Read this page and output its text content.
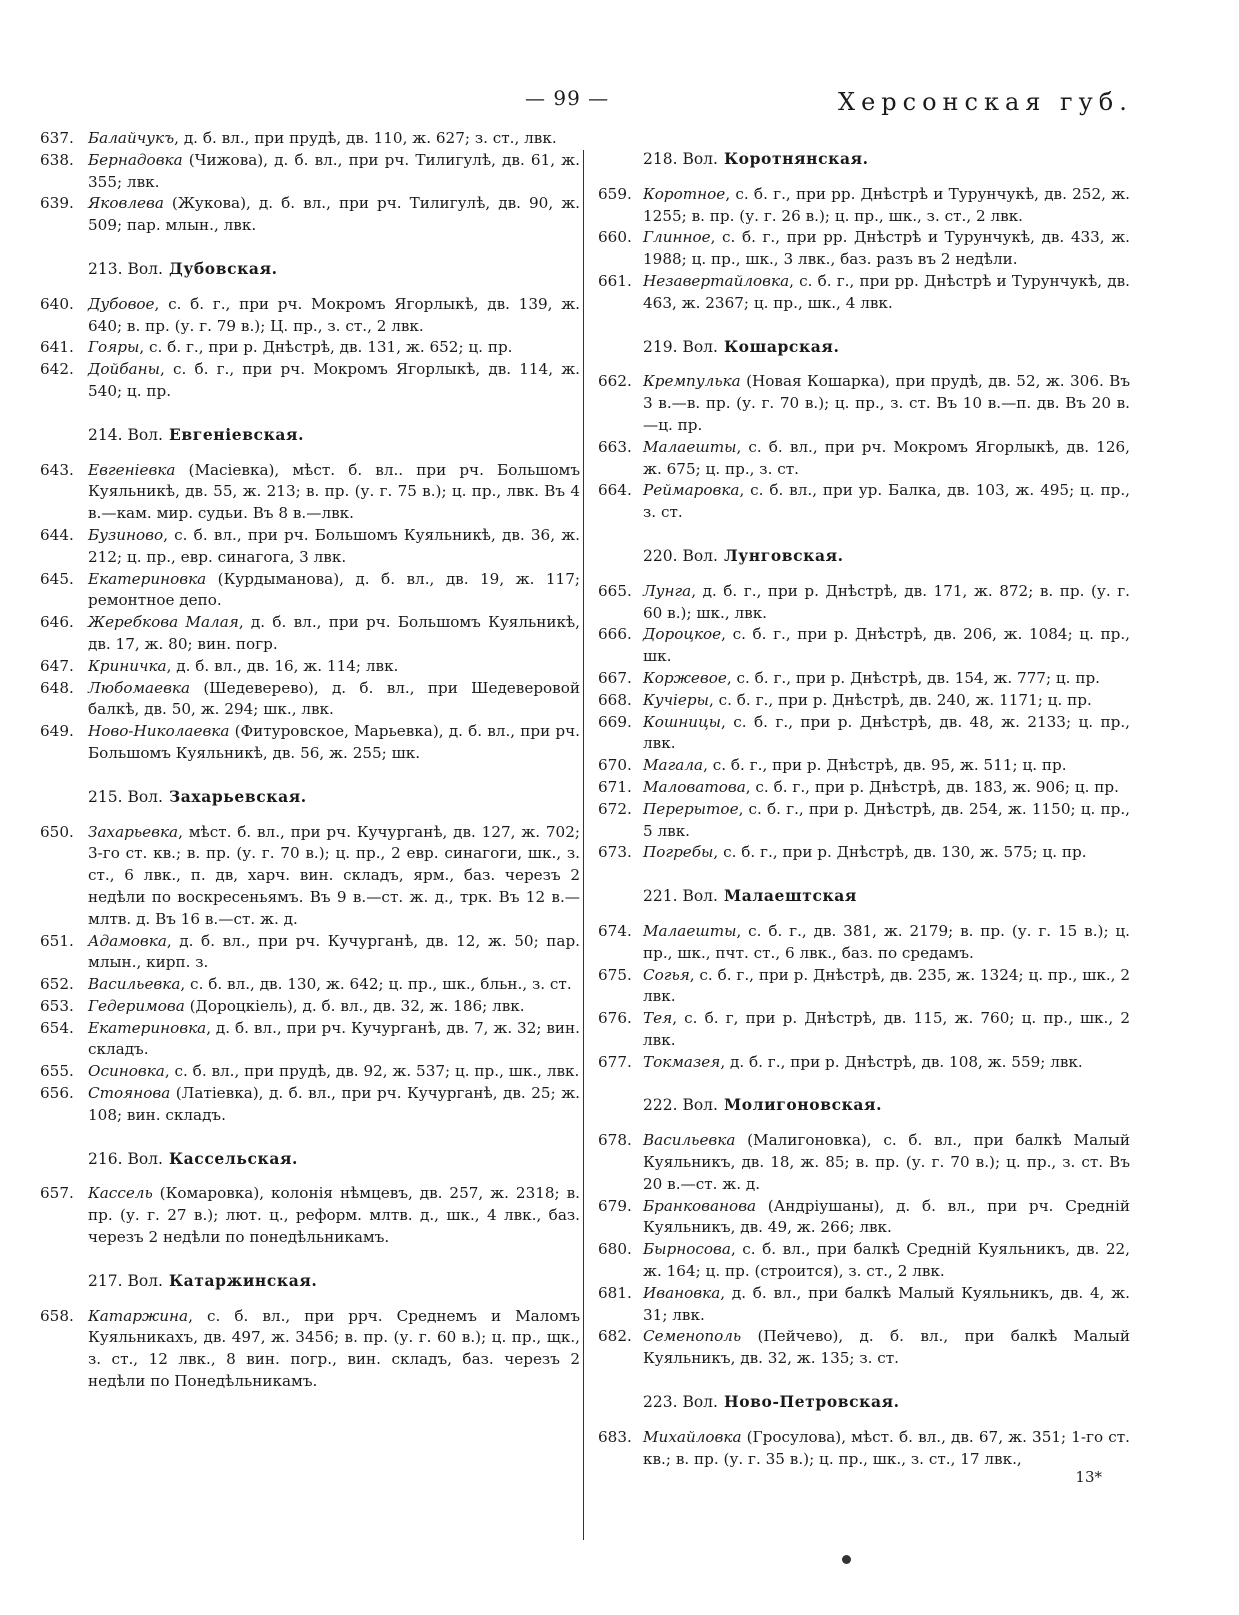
— 99 —	Херсонская губ.
637. Балайчукъ, д. б. вл., при прудѣ, дв. 110, ж. 627; з. ст., лвк.
638. Бернадовка (Чижова), д. б. вл., при рч. Тилигулѣ, дв. 61, ж. 355; лвк.
639. Яковлева (Жукова), д. б. вл., при рч. Тилигулѣ, дв. 90, ж. 509; пар. млын., лвк.
213. Вол. Дубовская.
640. Дубовое, с. б. г., при рч. Мокромъ Ягорлыкѣ, дв. 139, ж. 640; в. пр. (у. г. 79 в.); Ц. пр., з. ст., 2 лвк.
641. Гояры, с. б. г., при р. Днѣстрѣ, дв. 131, ж. 652; ц. пр.
642. Дойбаны, с. б. г., при рч. Мокромъ Ягорлыкѣ, дв. 114, ж. 540; ц. пр.
214. Вол. Евгеніевская.
643. Евгеніевка (Масіевка), мѣст. б. вл.. при рч. Большомъ Куяльникѣ, дв. 55, ж. 213; в. пр. (у. г. 75 в.); ц. пр., лвк. Въ 4 в.—кам. мир. судьи. Въ 8 в.—лвк.
644. Бузиново, с. б. вл., при рч. Большомъ Куяльникѣ, дв. 36, ж. 212; ц. пр., евр. синагога, 3 лвк.
645. Екатериновка (Курдыманова), д. б. вл., дв. 19, ж. 117; ремонтное депо.
646. Жеребкова Малая, д. б. вл., при рч. Большомъ Куяльникѣ, дв. 17, ж. 80; вин. погр.
647. Криничка, д. б. вл., дв. 16, ж. 114; лвк.
648. Любомаевка (Шедеверево), д. б. вл., при Шедеверовой балкѣ, дв. 50, ж. 294; шк., лвк.
649. Ново-Николаевка (Фитуровское, Марьевка), д. б. вл., при рч. Большомъ Куяльникѣ, дв. 56, ж. 255; шк.
215. Вол. Захарьевская.
650. Захарьевка, мѣст. б. вл., при рч. Кучурганѣ, дв. 127, ж. 702; 3-го ст. кв.; в. пр. (у. г. 70 в.); ц. пр., 2 евр. синагоги, шк., з. ст., 6 лвк., п. дв, харч. вин. складъ, ярм., баз. черезъ 2 недѣли по воскресеньямъ. Въ 9 в.—ст. ж. д., трк. Въ 12 в.—млтв. д. Въ 16 в.—ст. ж. д.
651. Адамовка, д. б. вл., при рч. Кучурганѣ, дв. 12, ж. 50; пар. млын., кирп. з.
652. Васильевка, с. б. вл., дв. 130, ж. 642; ц. пр., шк., бльн., з. ст.
653. Гедеримова (Дороцкіель), д. б. вл., дв. 32, ж. 186; лвк.
654. Екатериновка, д. б. вл., при рч. Кучурганѣ, дв. 7, ж. 32; вин. складъ.
655. Осиновка, с. б. вл., при прудѣ, дв. 92, ж. 537; ц. пр., шк., лвк.
656. Стоянова (Латіевка), д. б. вл., при рч. Кучурганѣ, дв. 25; ж. 108; вин. складъ.
216. Вол. Кассельская.
657. Кассель (Комаровка), колонія нѣмцевъ, дв. 257, ж. 2318; в. пр. (у. г. 27 в.); лют. ц., реформ. млтв. д., шк., 4 лвк., баз. черезъ 2 недѣли по понедѣльникамъ.
217. Вол. Катаржинская.
658. Катаржина, с. б. вл., при ррч. Среднемъ и Маломъ Куяльникахъ, дв. 497, ж. 3456; в. пр. (у. г. 60 в.); ц. пр., щк., з. ст., 12 лвк., 8 вин. погр., вин. складъ, баз. черезъ 2 недѣли по Понедѣльникамъ.
218. Вол. Коротнянская.
659. Коротное, с. б. г., при рр. Днѣстрѣ и Турунчукѣ, дв. 252, ж. 1255; в. пр. (у. г. 26 в.); ц. пр., шк., з. ст., 2 лвк.
660. Глинное, с. б. г., при рр. Днѣстрѣ и Турунчукѣ, дв. 433, ж. 1988; ц. пр., шк., 3 лвк., баз. разъ въ 2 недѣли.
661. Незавертайловка, с. б. г., при рр. Днѣстрѣ и Турунчукѣ, дв. 463, ж. 2367; ц. пр., шк., 4 лвк.
219. Вол. Кошарская.
662. Кремпулька (Новая Кошарка), при прудѣ, дв. 52, ж. 306. Въ 3 в.—в. пр. (у. г. 70 в.); ц. пр., з. ст. Въ 10 в.—п. дв. Въ 20 в.—ц. пр.
663. Малаешты, с. б. вл., при рч. Мокромъ Ягорлыкѣ, дв. 126, ж. 675; ц. пр., з. ст.
664. Реймаровка, с. б. вл., при ур. Балка, дв. 103, ж. 495; ц. пр., з. ст.
220. Вол. Лунговская.
665. Лунга, д. б. г., при р. Днѣстрѣ, дв. 171, ж. 872; в. пр. (у. г. 60 в.); шк., лвк.
666. Дороцкое, с. б. г., при р. Днѣстрѣ, дв. 206, ж. 1084; ц. пр., шк.
667. Корж​евое, с. б. г., при р. Днѣстрѣ, дв. 154, ж. 777; ц. пр.
668. Кучіеры, с. б. г., при р. Днѣстрѣ, дв. 240, ж. 1171; ц. пр.
669. Кошницы, с. б. г., при р. Днѣстрѣ, дв. 48, ж. 2133; ц. пр., лвк.
670. Магала, с. б. г., при р. Днѣстрѣ, дв. 95, ж. 511; ц. пр.
671. Маловатова, с. б. г., при р. Днѣстрѣ, дв. 183, ж. 906; ц. пр.
672. Перерытое, с. б. г., при р. Днѣстрѣ, дв. 254, ж. 1150; ц. пр., 5 лвк.
673. Погребы, с. б. г., при р. Днѣстрѣ, дв. 130, ж. 575; ц. пр.
221. Вол. Малаештская
674. Малаешты, с. б. г., дв. 381, ж. 2179; в. пр. (у. г. 15 в.); ц. пр., шк., пчт. ст., 6 лвк., баз. по средамъ.
675. Согья, с. б. г., при р. Днѣстрѣ, дв. 235, ж. 1324; ц. пр., шк., 2 лвк.
676. Тея, с. б. г, при р. Днѣстрѣ, дв. 115, ж. 760; ц. пр., шк., 2 лвк.
677. Токмазея, д. б. г., при р. Днѣстрѣ, дв. 108, ж. 559; лвк.
222. Вол. Молигоновская.
678. Васильевка (Малигоновка), с. б. вл., при балкѣ Малый Куяльникъ, дв. 18, ж. 85; в. пр. (у. г. 70 в.); ц. пр., з. ст. Въ 20 в.—ст. ж. д.
679. Бранкованова (Андріушаны), д. б. вл., при рч. Средній Куяльникъ, дв. 49, ж. 266; лвк.
680. Бырносова, с. б. вл., при балкѣ Средній Куяльникъ, дв. 22, ж. 164; ц. пр. (строится), з. ст., 2 лвк.
681. Ивановка, д. б. вл., при балкѣ Малый Куяльникъ, дв. 4, ж. 31; лвк.
682. Семенополь (Пейчево), д. б. вл., при балкѣ Малый Куяльникъ, дв. 32, ж. 135; з. ст.
223. Вол. Ново-Петровская.
683. Михайловка (Гросулова), мѣст. б. вл., дв. 67, ж. 351; 1-го ст. кв.; в. пр. (у. г. 35 в.); ц. пр., шк., з. ст., 17 лвк.,
13*
